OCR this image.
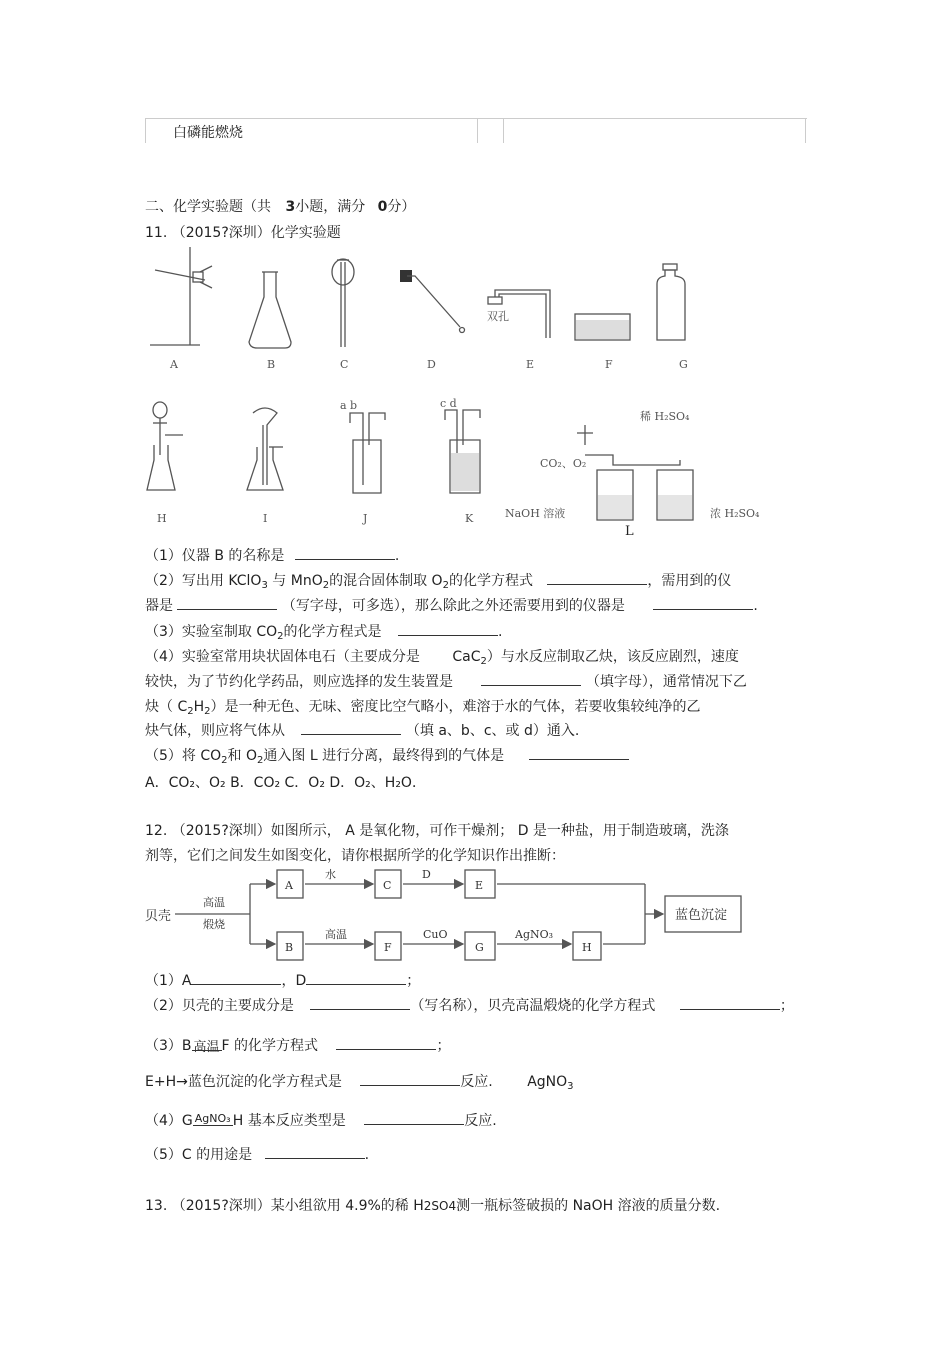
白磷能燃烧
二、化学实验题（共 3小题，满分 0分）
11. （2015?深圳）化学实验题
双孔
A	B	C	D	E	F	G
a b	c d
稀 H₂SO₄
CO₂、O₂
NaOH 溶液	浓 H₂SO₄
H	I	J	K
L
（1）仪器 B 的名称是	.
（2）写出用 KClO$_3$ 与 MnO$_2$的混合固体制取 $O_2$的化学方程式	，需用到的仪
器是	（写字母，可多选），那么除此之外还需要用到的仪器是	.
（3）实验室制取 $CO_2$的化学方程式是	.
（4）实验室常用块状固体电石（主要成分是 CaC$_2$）与水反应制取乙炔，该反应剧烈，速度
较快，为了节约化学药品，则应选择的发生装置是	（填字母），通常情况下乙
炔（ $C_2H_2$）是一种无色、无味、密度比空气略小，难溶于水的气体，若要收集较纯净的乙
炔气体，则应将气体从	（填 a、b、c、或 d）通入.
（5）将 $CO_2$和 $O_2$通入图 L 进行分离，最终得到的气体是
A．CO₂、O₂ B．CO₂ C．O₂ D．O₂、H₂O．
12. （2015?深圳）如图所示， A 是氧化物，可作干燥剂； D 是一种盐，用于制造玻璃，洗涤
剂等，它们之间发生如图变化，请你根据所学的化学知识作出推断：
贝壳
高温
煅烧
A
水
C
D
E
B
高温
F
CuO
G
AgNO₃
H
蓝色沉淀
（1）A	，D	；
（2）贝壳的主要成分是	（写名称），贝壳高温煅烧的化学方程式	；
（3）B 高温 F 的化学方程式	；
E+H→蓝色沉淀的化学方程式是	反应. AgNO$_3$
（4）G AgNO₃ H 基本反应类型是	反应.
（5）C 的用途是	.
13. （2015?深圳）某小组欲用 4.9%的稀 H2SO4测一瓶标签破损的 NaOH 溶液的质量分数.
